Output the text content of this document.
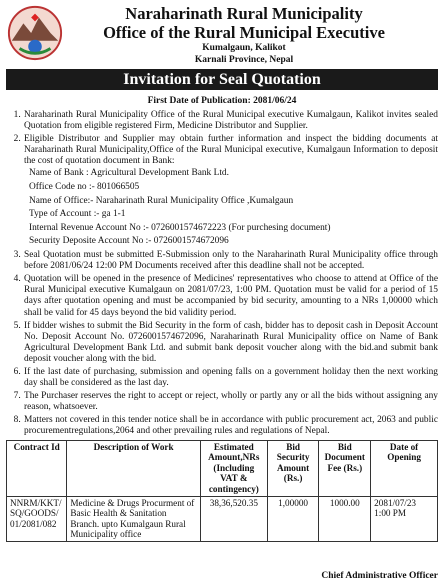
Naraharinath Rural Municipality
Office of the Rural Municipal Executive
Kumalgaun, Kalikot
Karnali Province, Nepal
Invitation for Seal Quotation
First Date of Publication: 2081/06/24
1. Naraharinath Rural Municipality Office of the Rural Municipal executive Kumalgaun, Kalikot invites sealed Quotation from eligible registered Firm, Medicine Distributor and Supplier.
2. Eligible Distributor and Supplier may obtain further information and inspect the bidding documents at Naraharinath Rural Municipality,Office of the Rural Municipal executive, Kumalgaun Information to deposit the cost of quotation document in Bank:
Name of Bank : Agricultural Development Bank Ltd.
Office Code no :- 801066505
Name of Office:- Naraharinath Rural Municipality Office ,Kumalgaun
Type of Account :- ga 1-1
Internal Revenue Account No :- 0726001574672223 (For purchesing document)
Security Deposite Account No :- 0726001574672096
3. Seal Quotation must be submitted E-Submission only to the Naraharinath Rural Municipality office through before 2081/06/24 12:00 PM Documents received after this deadline shall not be accepted.
4. Quotation will be opened in the presence of Medicines' representatives who choose to attend at Office of the Rural Municipal executive Kumalgaun on 2081/07/23, 1:00 PM. Quotation must be valid for a period of 15 days after quotation opening and must be accompanied by bid security, amounting to a NRs 1,00000 which shall be valid for 45 days beyond the bid validity period.
5. If bidder wishes to submit the Bid Security in the form of cash, bidder has to deposit cash in Deposit Account No. Deposit Account No. 0726001574672096, Naraharinath Rural Municipality office on Name of Bank Agricultural Development Bank Ltd. and submit bank deposit voucher along with the bid.and submit bank deposit voucher along with the bid.
6. If the last date of purchasing, submission and opening falls on a government holiday then the next working day shall be considered as the last day.
7. The Purchaser reserves the right to accept or reject, wholly or partly any or all the bids without assigning any reason, whatsoever.
8. Matters not covered in this tender notice shall be in accordance with public procurement act, 2063 and public procurementregulations,2064 and other prevailing rules and regulations of Nepal.
Contract Id	Description of Work	Estimated Amount,NRs (Including VAT & contingency)	Bid Security Amount (Rs.)	Bid Document Fee (Rs.)	Date of Opening
NNRM/KKT/ SQ/GOODS/ 01/2081/082	Medicine & Drugs Procurment of Basic Health & Sanitation Branch. upto Kumalgaun Rural Municipality office	38,36,520.35	1,00000	1000.00	2081/07/23 1:00 PM
Chief Administrative Officer
